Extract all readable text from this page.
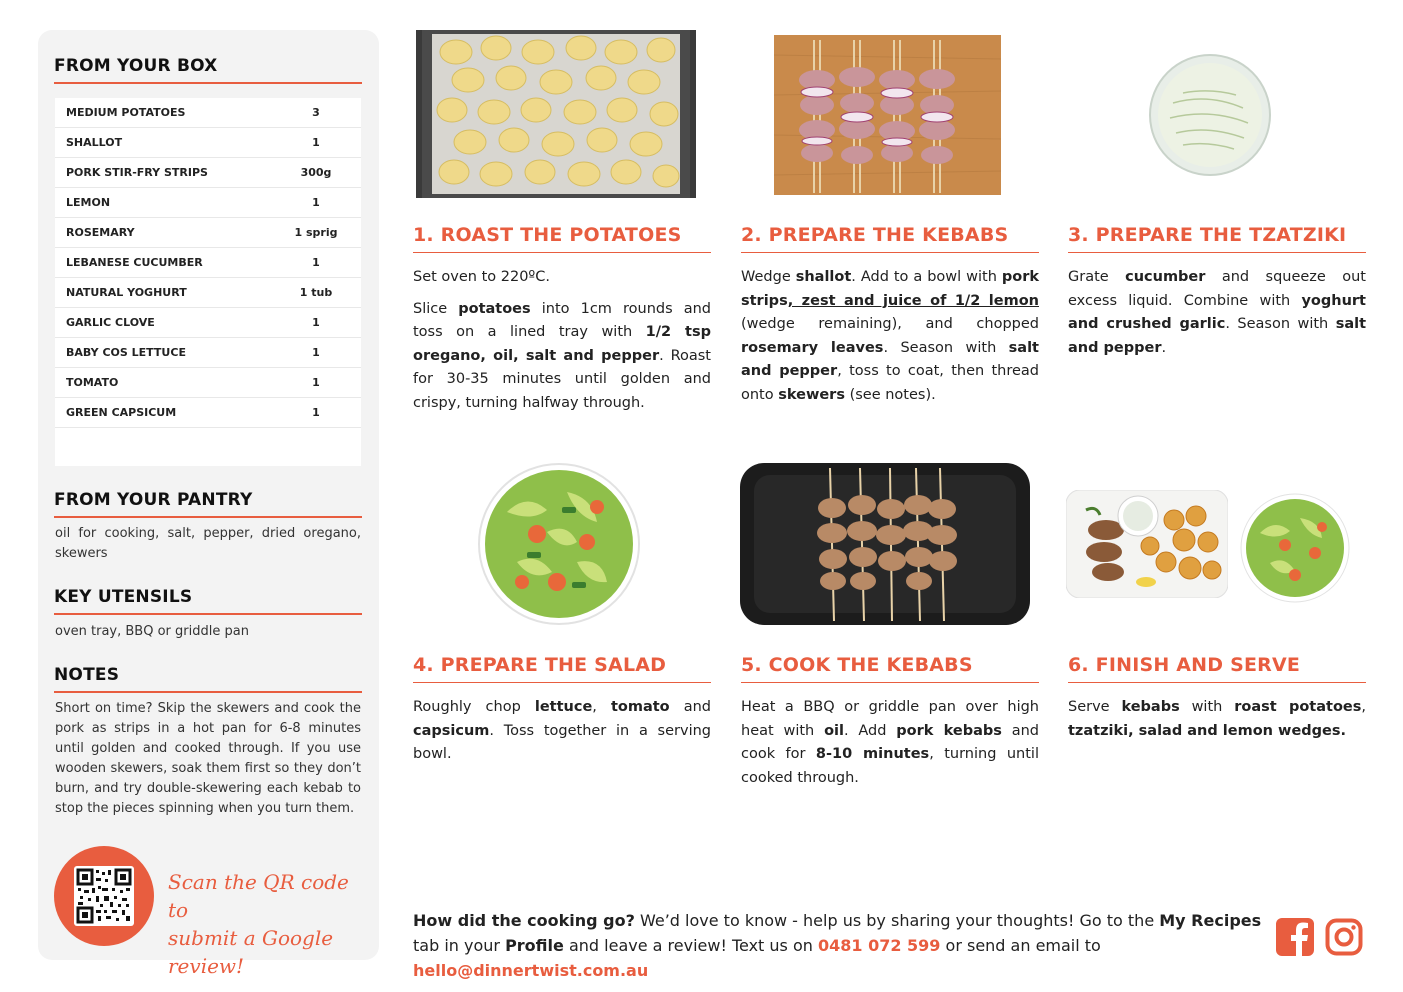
FROM YOUR BOX
MEDIUM POTATOES	3
SHALLOT	1
PORK STIR-FRY STRIPS	300g
LEMON	1
ROSEMARY	1 sprig
LEBANESE CUCUMBER	1
NATURAL YOGHURT	1 tub
GARLIC CLOVE	1
BABY COS LETTUCE	1
TOMATO	1
GREEN CAPSICUM	1
FROM YOUR PANTRY
oil for cooking, salt, pepper, dried oregano, skewers
KEY UTENSILS
oven tray, BBQ or griddle pan
NOTES
Short on time? Skip the skewers and cook the pork as strips in a hot pan for 6-8 minutes until golden and cooked through. If you use wooden skewers, soak them first so they don’t burn, and try double-skewering each kebab to stop the pieces spinning when you turn them.
Scan the QR code to
submit a Google review!
1. ROAST THE POTATOES

Set oven to 220ºC.

Slice potatoes into 1cm rounds and toss on a lined tray with 1/2 tsp oregano, oil, salt and pepper. Roast for 30-35 minutes until golden and crispy, turning halfway through.

2. PREPARE THE KEBABS

Wedge shallot. Add to a bowl with pork strips, zest and juice of 1/2 lemon (wedge remaining), and chopped rosemary leaves. Season with salt and pepper, toss to coat, then thread onto skewers (see notes).

3. PREPARE THE TZATZIKI

Grate cucumber and squeeze out excess liquid. Combine with yoghurt and crushed garlic. Season with salt and pepper.

4. PREPARE THE SALAD

Roughly chop lettuce, tomato and capsicum. Toss together in a serving bowl.

5. COOK THE KEBABS

Heat a BBQ or griddle pan over high heat with oil. Add pork kebabs and cook for 8-10 minutes, turning until cooked through.

6. FINISH AND SERVE

Serve kebabs with roast potatoes, tzatziki, salad and lemon wedges.

How did the cooking go? We’d love to know - help us by sharing your thoughts! Go to the My Recipes tab in your Profile and leave a review! Text us on 0481 072 599 or send an email to hello@dinnertwist.com.au
